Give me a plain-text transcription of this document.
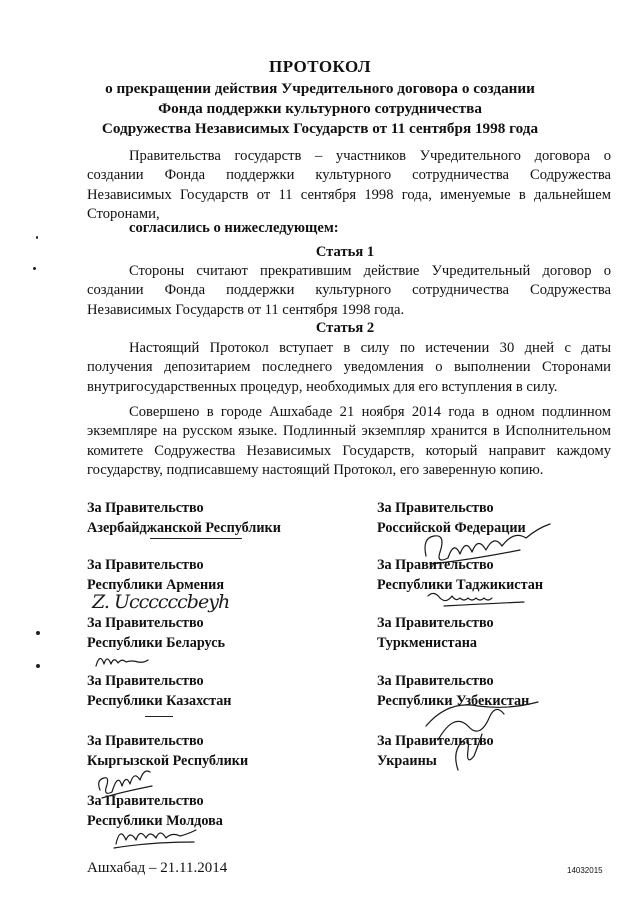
ПРОТОКОЛ
о прекращении действия Учредительного договора о создании
Фонда поддержки культурного сотрудничества
Содружества Независимых Государств от 11 сентября 1998 года
Правительства государств – участников Учредительного договора о создании Фонда поддержки культурного сотрудничества Содружества Независимых Государств от 11 сентября 1998 года, именуемые в дальнейшем Сторонами,
согласились о нижеследующем:
Статья 1
Стороны считают прекратившим действие Учредительный договор о создании Фонда поддержки культурного сотрудничества Содружества Независимых Государств от 11 сентября 1998 года.
Статья 2
Настоящий Протокол вступает в силу по истечении 30 дней с даты получения депозитарием последнего уведомления о выполнении Сторонами внутригосударственных процедур, необходимых для его вступления в силу.
Совершено в городе Ашхабаде 21 ноября 2014 года в одном подлинном экземпляре на русском языке. Подлинный экземпляр хранится в Исполнительном комитете Содружества Независимых Государств, который направит каждому государству, подписавшему настоящий Протокол, его заверенную копию.
За Правительство
Азербайджанской Республики
За Правительство
Республики Армения
Z. Uccccccbeyh
За Правительство
Республики Беларусь
За Правительство
Республики Казахстан
За Правительство
Кыргызской Республики
За Правительство
Республики Молдова
За Правительство
Российской Федерации
За Правительство
Республики Таджикистан
За Правительство
Туркменистана
За Правительство
Республики Узбекистан
За Правительство
Украины
Ашхабад – 21.11.2014	14032015
